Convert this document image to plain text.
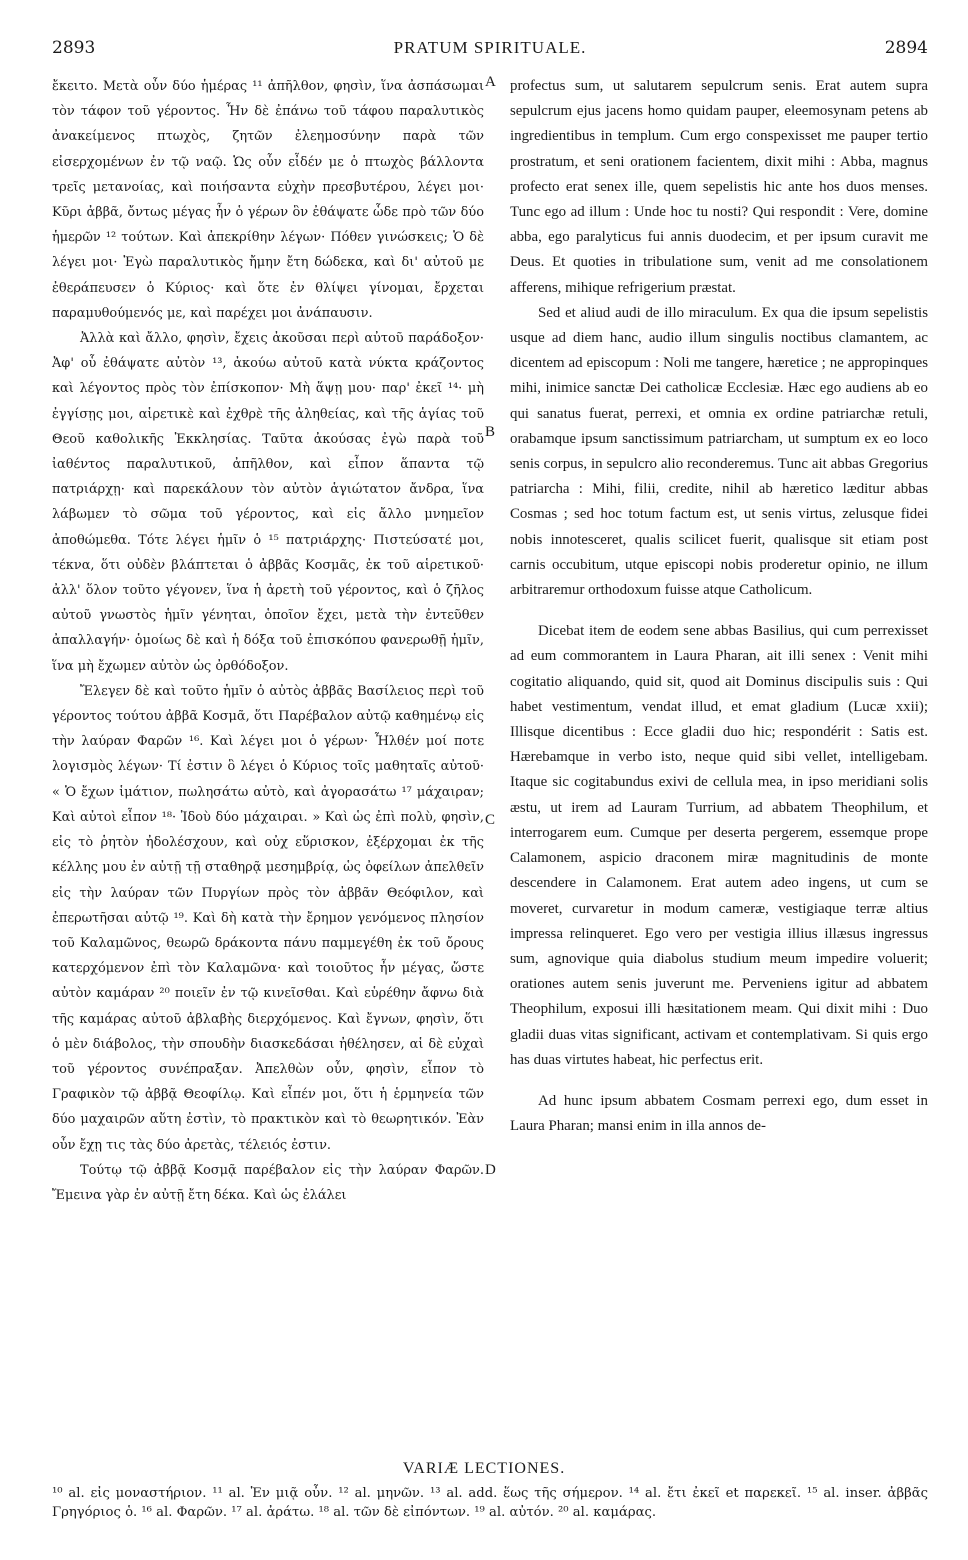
2893	PRATUM SPIRITUALE.	2894

ἔκειτο. Μετὰ οὖν δύο ἡμέρας ¹¹ ἀπῆλθον, φησὶν, ἵνα ἀσπάσωμαι τὸν τάφον τοῦ γέροντος. Ἦν δὲ ἐπάνω τοῦ τάφου παραλυτικὸς ἀνακείμενος πτωχὸς, ζητῶν ἐλεημοσύνην παρὰ τῶν εἰσερχομένων ἐν τῷ ναῷ. Ὡς οὖν εἶδέν με ὁ πτωχὸς βάλλοντα τρεῖς μετανοίας, καὶ ποιήσαντα εὐχὴν πρεσβυτέρου, λέγει μοι· Κῦρι ἀββᾶ, ὄντως μέγας ἦν ὁ γέρων ὃν ἐθάψατε ὧδε πρὸ τῶν δύο ἡμερῶν ¹² τούτων. Καὶ ἀπεκρίθην λέγων· Πόθεν γινώσκεις; Ὁ δὲ λέγει μοι· Ἐγὼ παραλυτικὸς ἤμην ἔτη δώδεκα, καὶ δι' αὐτοῦ με ἐθεράπευσεν ὁ Κύριος· καὶ ὅτε ἐν θλίψει γίνομαι, ἔρχεται παραμυθούμενός με, καὶ παρέχει μοι ἀνάπαυσιν.

Ἀλλὰ καὶ ἄλλο, φησὶν, ἔχεις ἀκοῦσαι περὶ αὐτοῦ παράδοξον· Ἀφ' οὗ ἐθάψατε αὐτὸν ¹³, ἀκούω αὐτοῦ κατὰ νύκτα κράζοντος καὶ λέγοντος πρὸς τὸν ἐπίσκοπον· Μὴ ἅψῃ μου· παρ' ἐκεῖ ¹⁴· μὴ ἐγγίσῃς μοι, αἱρετικὲ καὶ ἐχθρὲ τῆς ἀληθείας, καὶ τῆς ἁγίας τοῦ Θεοῦ καθολικῆς Ἐκκλησίας. Ταῦτα ἀκούσας ἐγὼ παρὰ τοῦ ἰαθέντος παραλυτικοῦ, ἀπῆλθον, καὶ εἶπον ἅπαντα τῷ πατριάρχῃ· καὶ παρεκάλουν τὸν αὐτὸν ἁγιώτατον ἄνδρα, ἵνα λάβωμεν τὸ σῶμα τοῦ γέροντος, καὶ εἰς ἄλλο μνημεῖον ἀποθώμεθα. Τότε λέγει ἡμῖν ὁ ¹⁵ πατριάρχης· Πιστεύσατέ μοι, τέκνα, ὅτι οὐδὲν βλάπτεται ὁ ἀββᾶς Κοσμᾶς, ἐκ τοῦ αἱρετικοῦ· ἀλλ' ὅλον τοῦτο γέγονεν, ἵνα ἡ ἀρετὴ τοῦ γέροντος, καὶ ὁ ζῆλος αὐτοῦ γνωστὸς ἡμῖν γένηται, ὁποῖον ἔχει, μετὰ τὴν ἐντεῦθεν ἀπαλλαγήν· ὁμοίως δὲ καὶ ἡ δόξα τοῦ ἐπισκόπου φανερωθῇ ἡμῖν, ἵνα μὴ ἔχωμεν αὐτὸν ὡς ὀρθόδοξον.

Ἔλεγεν δὲ καὶ τοῦτο ἡμῖν ὁ αὐτὸς ἀββᾶς Βασίλειος περὶ τοῦ γέροντος τούτου ἀββᾶ Κοσμᾶ, ὅτι Παρέβαλον αὐτῷ καθημένῳ εἰς τὴν λαύραν Φαρῶν ¹⁶. Καὶ λέγει μοι ὁ γέρων· Ἦλθέν μοί ποτε λογισμὸς λέγων· Τί ἐστιν ὃ λέγει ὁ Κύριος τοῖς μαθηταῖς αὐτοῦ· « Ὁ ἔχων ἱμάτιον, πωλησάτω αὐτὸ, καὶ ἀγορασάτω ¹⁷ μάχαιραν; Καὶ αὐτοὶ εἶπον ¹⁸· Ἰδοὺ δύο μάχαιραι. » Καὶ ὡς ἐπὶ πολὺ, φησὶν, εἰς τὸ ῥητὸν ἠδολέσχουν, καὶ οὐχ εὕρισκον, ἐξέρχομαι ἐκ τῆς κέλλης μου ἐν αὐτῇ τῇ σταθηρᾷ μεσημβρίᾳ, ὡς ὀφείλων ἀπελθεῖν εἰς τὴν λαύραν τῶν Πυργίων πρὸς τὸν ἀββᾶν Θεόφιλον, καὶ ἐπερωτῆσαι αὐτῷ ¹⁹. Καὶ δὴ κατὰ τὴν ἔρημον γενόμενος πλησίον τοῦ Καλαμῶνος, θεωρῶ δράκοντα πάνυ παμμεγέθη ἐκ τοῦ ὄρους κατερχόμενον ἐπὶ τὸν Καλαμῶνα· καὶ τοιοῦτος ἦν μέγας, ὥστε αὐτὸν καμάραν ²⁰ ποιεῖν ἐν τῷ κινεῖσθαι. Καὶ εὑρέθην ἄφνω διὰ τῆς καμάρας αὐτοῦ ἀβλαβὴς διερχόμενος. Καὶ ἔγνων, φησὶν, ὅτι ὁ μὲν διάβολος, τὴν σπουδὴν διασκεδάσαι ἠθέλησεν, αἱ δὲ εὐχαὶ τοῦ γέροντος συνέπραξαν. Ἀπελθὼν οὖν, φησὶν, εἶπον τὸ Γραφικὸν τῷ ἀββᾷ Θεοφίλῳ. Καὶ εἶπέν μοι, ὅτι ἡ ἑρμηνεία τῶν δύο μαχαιρῶν αὕτη ἐστὶν, τὸ πρακτικὸν καὶ τὸ θεωρητικόν. Ἐὰν οὖν ἔχῃ τις τὰς δύο ἀρετὰς, τέλειός ἐστιν.

Τούτῳ τῷ ἀββᾷ Κοσμᾷ παρέβαλον εἰς τὴν λαύραν Φαρῶν. Ἔμεινα γὰρ ἐν αὐτῇ ἔτη δέκα. Καὶ ὡς ἐλάλει

A
B
C
D

profectus sum, ut salutarem sepulcrum senis. Erat autem supra sepulcrum ejus jacens homo quidam pauper, eleemosynam petens ab ingredientibus in templum. Cum ergo conspexisset me pauper tertio prostratum, et seni orationem facientem, dixit mihi : Abba, magnus profecto erat senex ille, quem sepelistis hic ante hos duos menses. Tunc ego ad illum : Unde hoc tu nosti? Qui respondit : Vere, domine abba, ego paralyticus fui annis duodecim, et per ipsum curavit me Deus. Et quoties in tribulatione sum, venit ad me consolationem afferens, mihique refrigerium præstat.

Sed et aliud audi de illo miraculum. Ex qua die ipsum sepelistis usque ad diem hanc, audio illum singulis noctibus clamantem, ac dicentem ad episcopum : Noli me tangere, hæretice ; ne appropinques mihi, inimice sanctæ Dei catholicæ Ecclesiæ. Hæc ego audiens ab eo qui sanatus fuerat, perrexi, et omnia ex ordine patriarchæ retuli, orabamque ipsum sanctissimum patriarcham, ut sumptum ex eo loco senis corpus, in sepulcro alio reconderemus. Tunc ait abbas Gregorius patriarcha : Mihi, filii, credite, nihil ab hæretico læditur abbas Cosmas ; sed hoc totum factum est, ut senis virtus, zelusque fidei nobis innotesceret, qualis scilicet fuerit, qualisque sit etiam post carnis occubitum, utque episcopi nobis proderetur opinio, ne illum arbitraremur orthodoxum fuisse atque Catholicum.

Dicebat item de eodem sene abbas Basilius, qui cum perrexisset ad eum commorantem in Laura Pharan, ait illi senex : Venit mihi cogitatio aliquando, quid sit, quod ait Dominus discipulis suis : Qui habet vestimentum, vendat illud, et emat gladium (Lucæ xxii); Illisque dicentibus : Ecce gladii duo hic; respondérit : Satis est. Hærebamque in verbo isto, neque quid sibi vellet, intelligebam. Itaque sic cogitabundus exivi de cellula mea, in ipso meridiani solis æstu, ut irem ad Lauram Turrium, ad abbatem Theophilum, et interrogarem eum. Cumque per deserta pergerem, essemque prope Calamonem, aspicio draconem miræ magnitudinis de monte descendere in Calamonem. Erat autem adeo ingens, ut cum se moveret, curvaretur in modum cameræ, vestigiaque terræ altius impressa relinqueret. Ego vero per vestigia illius illæsus ingressus sum, agnovique quia diabolus studium meum impedire voluerit; orationes autem senis juverunt me. Perveniens igitur ad abbatem Theophilum, exposui illi hæsitationem meam. Qui dixit mihi : Duo gladii duas vitas significant, activam et contemplativam. Si quis ergo has duas virtutes habeat, hic perfectus erit.

Ad hunc ipsum abbatem Cosmam perrexi ego, dum esset in Laura Pharan; mansi enim in illa annos de-

VARIÆ LECTIONES.
¹⁰ al. εἰς μοναστήριον. ¹¹ al. Ἐν μιᾷ οὖν. ¹² al. μηνῶν. ¹³ al. add. ἕως τῆς σήμερον. ¹⁴ al. ἔτι ἐκεῖ et παρεκεῖ. ¹⁵ al. inser. ἀββᾶς Γρηγόριος ὁ. ¹⁶ al. Φαρῶν. ¹⁷ al. ἀράτω. ¹⁸ al. τῶν δὲ εἰπόντων. ¹⁹ al. αὐτόν. ²⁰ al. καμάρας.
